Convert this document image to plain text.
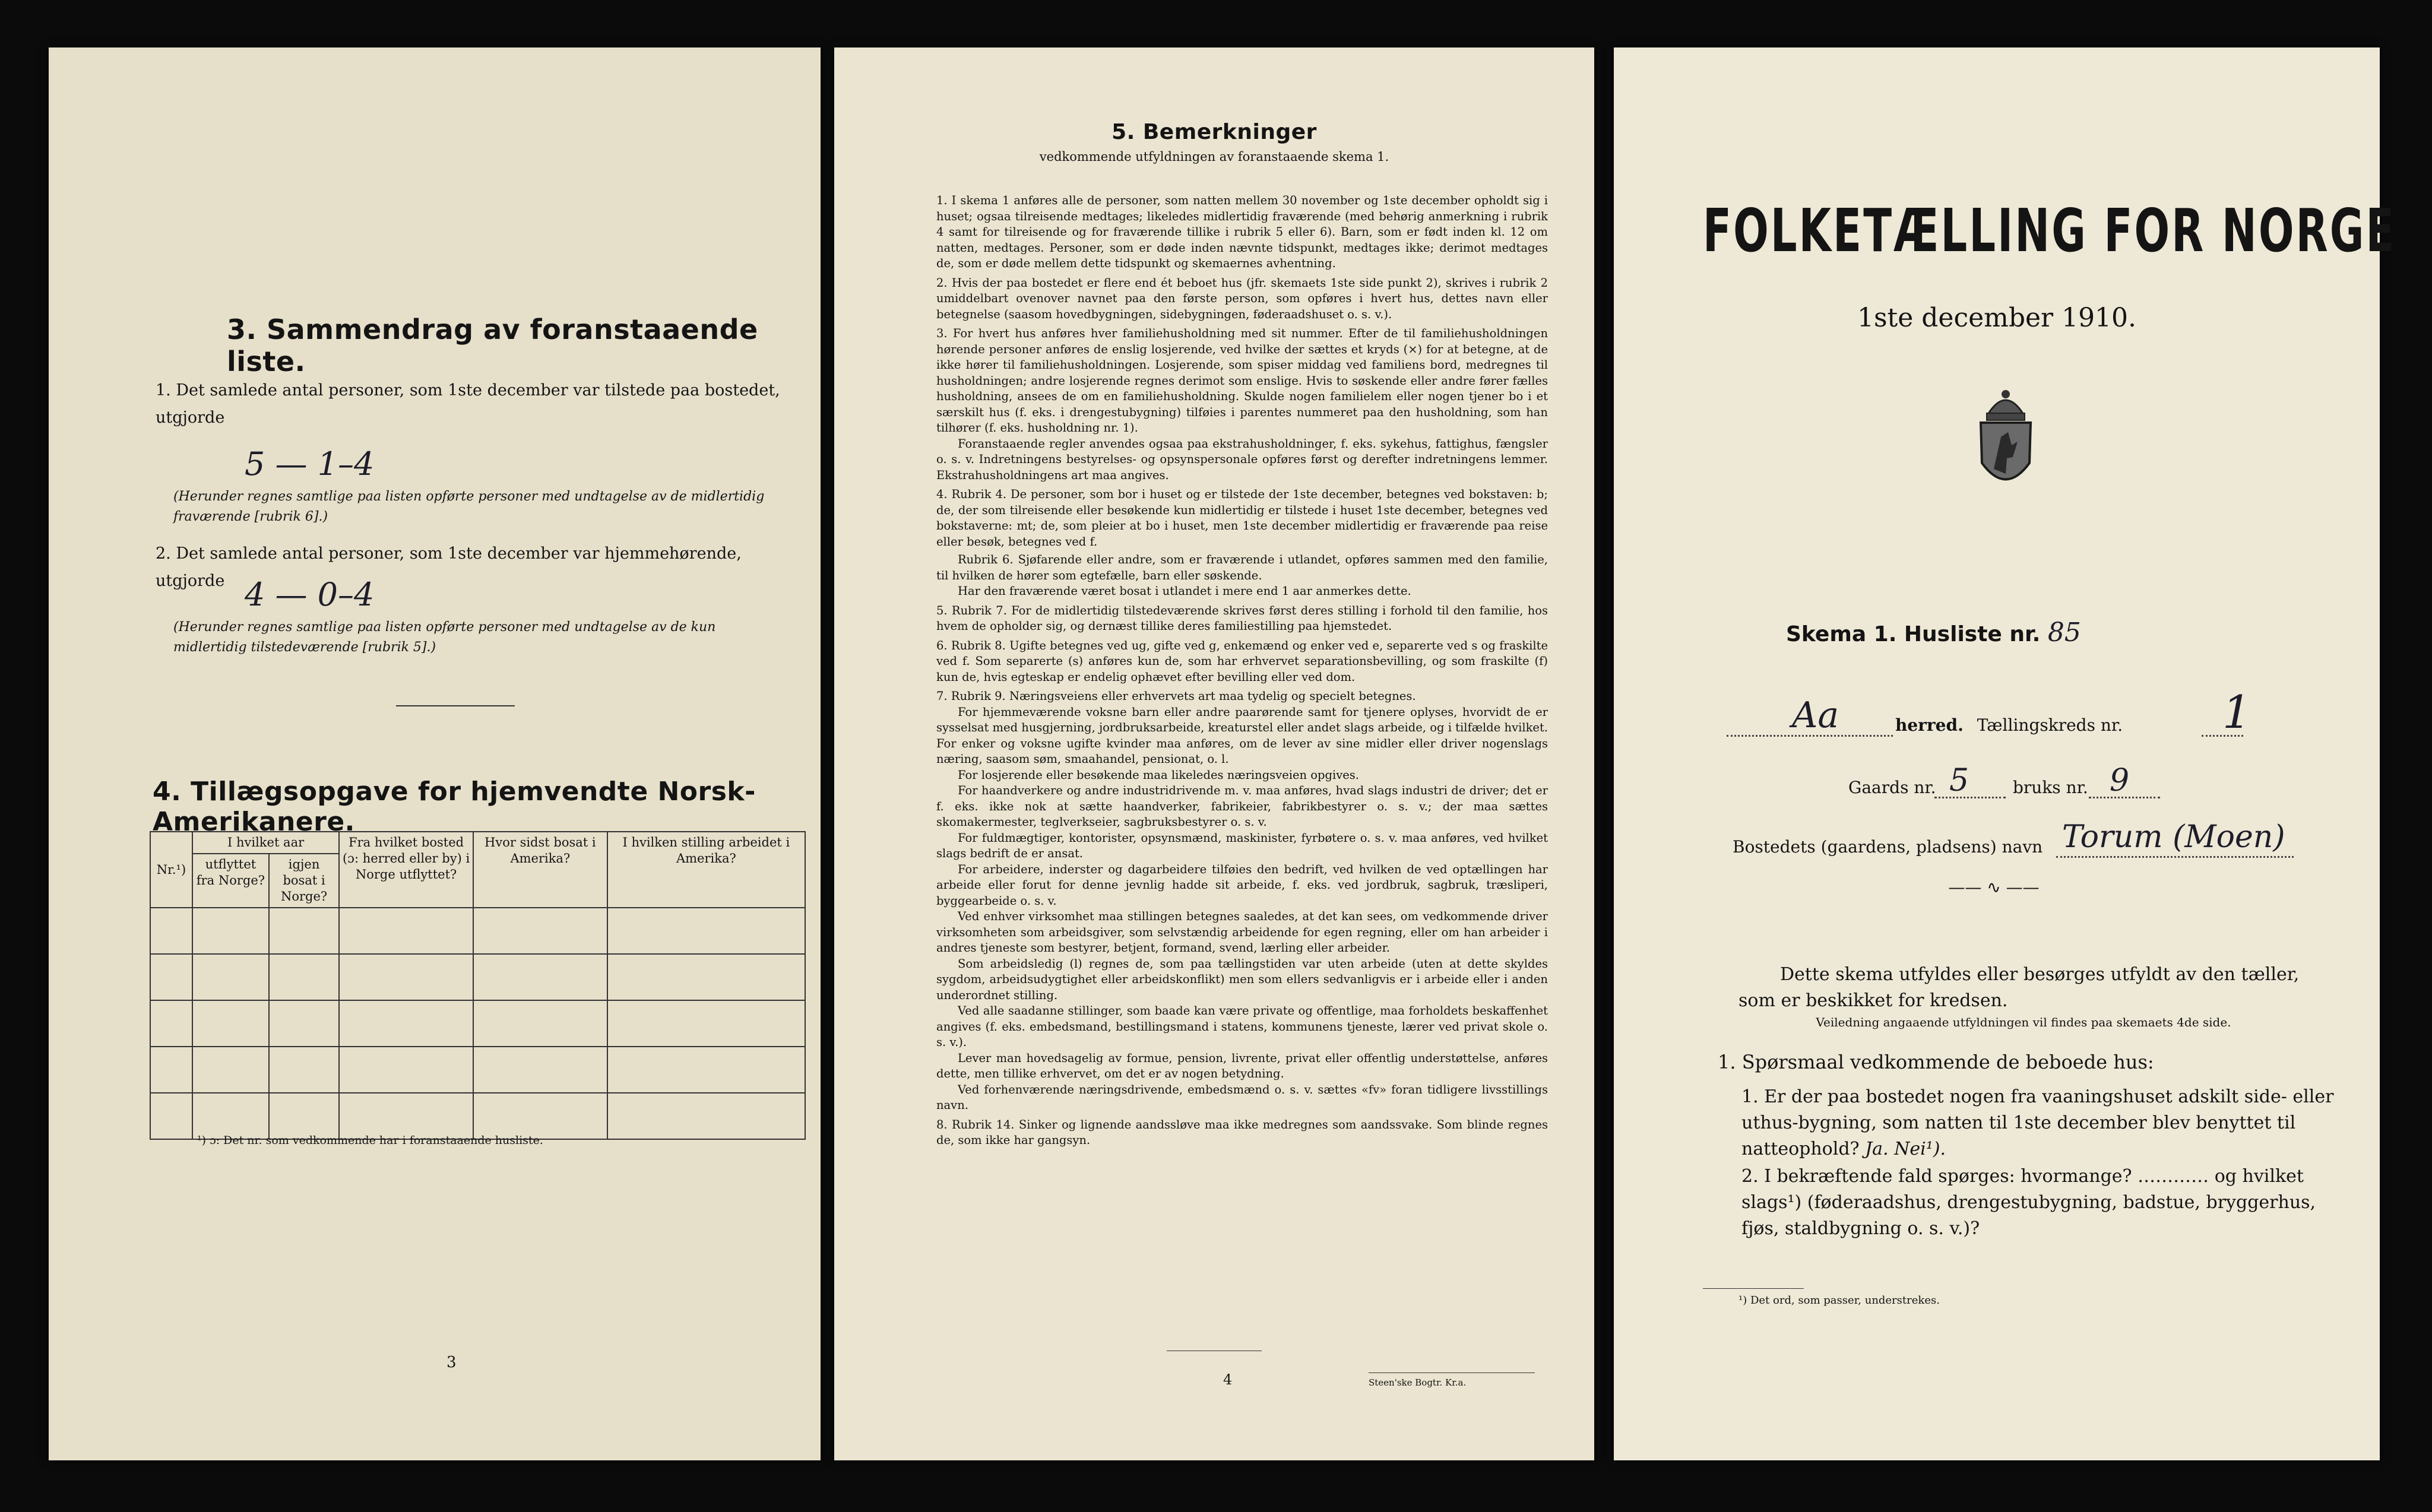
3. Sammendrag av foranstaaende liste.
1. Det samlede antal personer, som 1ste december var tilstede paa bostedet, utgjorde
5 — 1–4
(Herunder regnes samtlige paa listen opførte personer med undtagelse av de midlertidig fraværende [rubrik 6].)
2. Det samlede antal personer, som 1ste december var hjemmehørende, utgjorde 4 — 0–4
(Herunder regnes samtlige paa listen opførte personer med undtagelse av de kun midlertidig tilstedeværende [rubrik 5].)
4. Tillægsopgave for hjemvendte Norsk-Amerikanere.
Nr.¹)	I hvilket aar		Fra hvilket bosted (ɔ: herred eller by) i Norge utflyttet?	Hvor sidst bosat i Amerika?	I hvilken stilling arbeidet i Amerika?
	utflyttet fra Norge?	igjen bosat i Norge?			

¹) ɔ: Det nr. som vedkommende har i foranstaaende husliste.
3
5. Bemerkninger
vedkommende utfyldningen av foranstaaende skema 1.

1. I skema 1 anføres alle de personer, som natten mellem 30 november og 1ste december opholdt sig i huset; ogsaa tilreisende medtages; likeledes midlertidig fraværende (med behørig anmerkning i rubrik 4 samt for tilreisende og for fraværende tillike i rubrik 5 eller 6). Barn, som er født inden kl. 12 om natten, medtages. Personer, som er døde inden nævnte tidspunkt, medtages ikke; derimot medtages de, som er døde mellem dette tidspunkt og skemaernes avhentning.

2. Hvis der paa bostedet er flere end ét beboet hus (jfr. skemaets 1ste side punkt 2), skrives i rubrik 2 umiddelbart ovenover navnet paa den første person, som opføres i hvert hus, dettes navn eller betegnelse (saasom hovedbygningen, sidebygningen, føderaadshuset o. s. v.).

3. For hvert hus anføres hver familiehusholdning med sit nummer. Efter de til familiehusholdningen hørende personer anføres de enslig losjerende, ved hvilke der sættes et kryds (×) for at betegne, at de ikke hører til familiehusholdningen. Losjerende, som spiser middag ved familiens bord, medregnes til husholdningen; andre losjerende regnes derimot som enslige. Hvis to søskende eller andre fører fælles husholdning, ansees de om en familiehusholdning. Skulde nogen familielem eller nogen tjener bo i et særskilt hus (f. eks. i drengestubygning) tilføies i parentes nummeret paa den husholdning, som han tilhører (f. eks. husholdning nr. 1).

Foranstaaende regler anvendes ogsaa paa ekstrahusholdninger, f. eks. sykehus, fattighus, fængsler o. s. v. Indretningens bestyrelses- og opsynspersonale opføres først og derefter indretningens lemmer. Ekstrahusholdningens art maa angives.

4. Rubrik 4. De personer, som bor i huset og er tilstede der 1ste december, betegnes ved bokstaven: b; de, der som tilreisende eller besøkende kun midlertidig er tilstede i huset 1ste december, betegnes ved bokstaverne: mt; de, som pleier at bo i huset, men 1ste december midlertidig er fraværende paa reise eller besøk, betegnes ved f.

Rubrik 6. Sjøfarende eller andre, som er fraværende i utlandet, opføres sammen med den familie, til hvilken de hører som egtefælle, barn eller søskende.

Har den fraværende været bosat i utlandet i mere end 1 aar anmerkes dette.

5. Rubrik 7. For de midlertidig tilstedeværende skrives først deres stilling i forhold til den familie, hos hvem de opholder sig, og dernæst tillike deres familiestilling paa hjemstedet.

6. Rubrik 8. Ugifte betegnes ved ug, gifte ved g, enkemænd og enker ved e, separerte ved s og fraskilte ved f. Som separerte (s) anføres kun de, som har erhvervet separationsbevilling, og som fraskilte (f) kun de, hvis egteskap er endelig ophævet efter bevilling eller ved dom.

7. Rubrik 9. Næringsveiens eller erhvervets art maa tydelig og specielt betegnes.

For hjemmeværende voksne barn eller andre paarørende samt for tjenere oplyses, hvorvidt de er sysselsat med husgjerning, jordbruksarbeide, kreaturstel eller andet slags arbeide, og i tilfælde hvilket. For enker og voksne ugifte kvinder maa anføres, om de lever av sine midler eller driver nogenslags næring, saasom søm, smaahandel, pensionat, o. l.

For losjerende eller besøkende maa likeledes næringsveien opgives.

For haandverkere og andre industridrivende m. v. maa anføres, hvad slags industri de driver; det er f. eks. ikke nok at sætte haandverker, fabrikeier, fabrikbestyrer o. s. v.; der maa sættes skomakermester, teglverkseier, sagbruksbestyrer o. s. v.

For fuldmægtiger, kontorister, opsynsmænd, maskinister, fyrbøtere o. s. v. maa anføres, ved hvilket slags bedrift de er ansat.

For arbeidere, inderster og dagarbeidere tilføies den bedrift, ved hvilken de ved optællingen har arbeide eller forut for denne jevnlig hadde sit arbeide, f. eks. ved jordbruk, sagbruk, træsliperi, byggearbeide o. s. v.

Ved enhver virksomhet maa stillingen betegnes saaledes, at det kan sees, om vedkommende driver virksomheten som arbeidsgiver, som selvstændig arbeidende for egen regning, eller om han arbeider i andres tjeneste som bestyrer, betjent, formand, svend, lærling eller arbeider.

Som arbeidsledig (l) regnes de, som paa tællingstiden var uten arbeide (uten at dette skyldes sygdom, arbeidsudygtighet eller arbeidskonflikt) men som ellers sedvanligvis er i arbeide eller i anden underordnet stilling.

Ved alle saadanne stillinger, som baade kan være private og offentlige, maa forholdets beskaffenhet angives (f. eks. embedsmand, bestillingsmand i statens, kommunens tjeneste, lærer ved privat skole o. s. v.).

Lever man hovedsagelig av formue, pension, livrente, privat eller offentlig understøttelse, anføres dette, men tillike erhvervet, om det er av nogen betydning.

Ved forhenværende næringsdrivende, embedsmænd o. s. v. sættes «fv» foran tidligere livsstillings navn.

8. Rubrik 14. Sinker og lignende aandssløve maa ikke medregnes som aandssvake. Som blinde regnes de, som ikke har gangsyn.

4	Steen'ske Bogtr. Kr.a.
FOLKETÆLLING FOR NORGE
1ste december 1910.
Skema 1. Husliste nr. 85
Aa	herred. Tællingskreds nr. 1
Gaards nr. 5	bruks nr. 9
Bostedets (gaardens, pladsens) navn Torum (Moen)
—— ∿ ——
Dette skema utfyldes eller besørges utfyldt av den tæller, som er beskikket for kredsen.
Veiledning angaaende utfyldningen vil findes paa skemaets 4de side.
1. Spørsmaal vedkommende de beboede hus:
1. Er der paa bostedet nogen fra vaaningshuset adskilt side- eller uthus-bygning, som natten til 1ste december blev benyttet til natteophold? Ja. Nei¹).
2. I bekræftende fald spørges: hvormange? ………… og hvilket slags¹) (føderaadshus, drengestubygning, badstue, bryggerhus, fjøs, staldbygning o. s. v.)?
¹) Det ord, som passer, understrekes.
